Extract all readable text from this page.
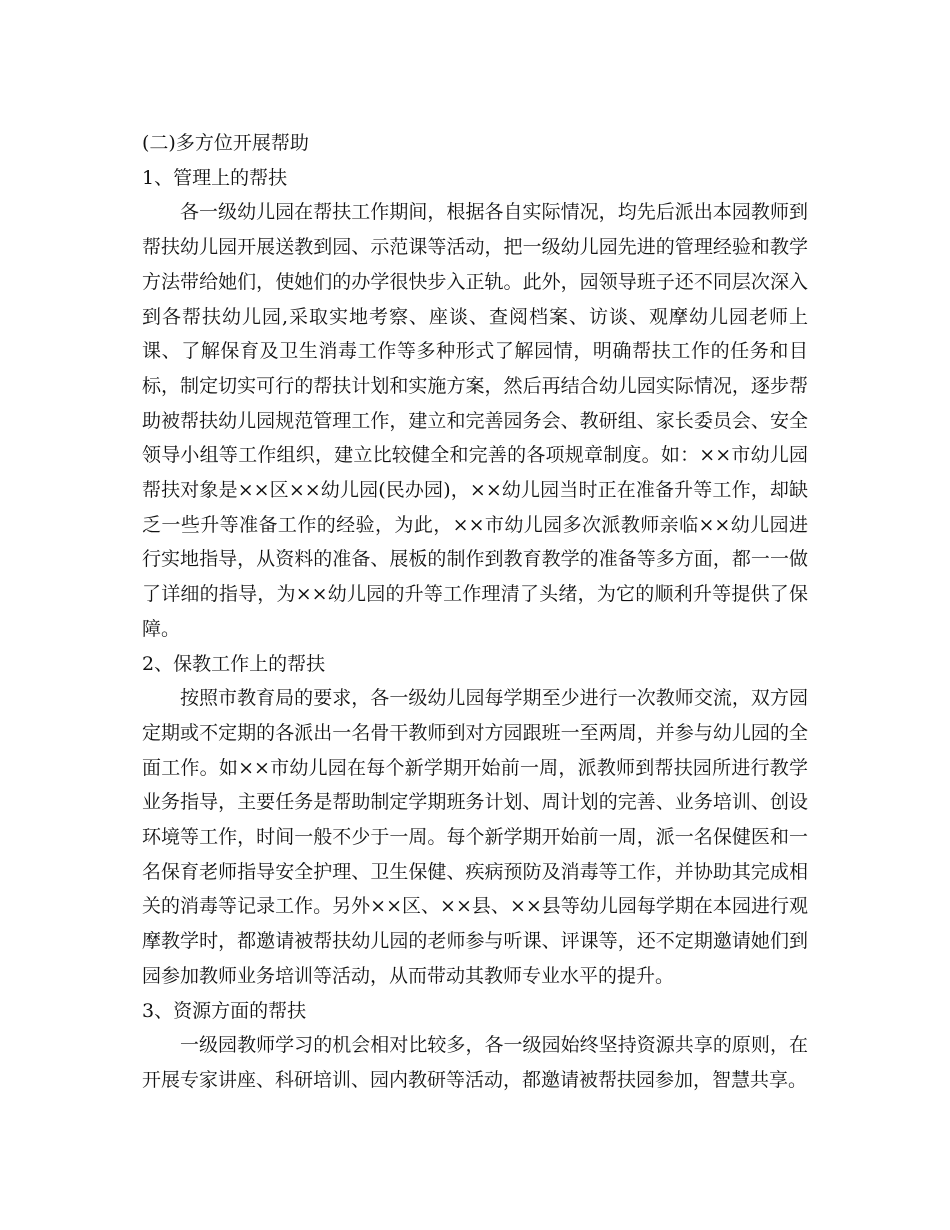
(二)多方位开展帮助

1、管理上的帮扶

各一级幼儿园在帮扶工作期间，根据各自实际情况，均先后派出本园教师到帮扶幼儿园开展送教到园、示范课等活动，把一级幼儿园先进的管理经验和教学方法带给她们，使她们的办学很快步入正轨。此外，园领导班子还不同层次深入到各帮扶幼儿园,采取实地考察、座谈、查阅档案、访谈、观摩幼儿园老师上课、了解保育及卫生消毒工作等多种形式了解园情，明确帮扶工作的任务和目标，制定切实可行的帮扶计划和实施方案，然后再结合幼儿园实际情况，逐步帮助被帮扶幼儿园规范管理工作，建立和完善园务会、教研组、家长委员会、安全领导小组等工作组织，建立比较健全和完善的各项规章制度。如：××市幼儿园帮扶对象是××区××幼儿园(民办园)，××幼儿园当时正在准备升等工作，却缺乏一些升等准备工作的经验，为此，××市幼儿园多次派教师亲临××幼儿园进行实地指导，从资料的准备、展板的制作到教育教学的准备等多方面，都一一做了详细的指导，为××幼儿园的升等工作理清了头绪，为它的顺利升等提供了保障。

2、保教工作上的帮扶

按照市教育局的要求，各一级幼儿园每学期至少进行一次教师交流，双方园定期或不定期的各派出一名骨干教师到对方园跟班一至两周，并参与幼儿园的全面工作。如××市幼儿园在每个新学期开始前一周，派教师到帮扶园所进行教学业务指导，主要任务是帮助制定学期班务计划、周计划的完善、业务培训、创设环境等工作，时间一般不少于一周。每个新学期开始前一周，派一名保健医和一名保育老师指导安全护理、卫生保健、疾病预防及消毒等工作，并协助其完成相关的消毒等记录工作。另外××区、××县、××县等幼儿园每学期在本园进行观摩教学时，都邀请被帮扶幼儿园的老师参与听课、评课等，还不定期邀请她们到园参加教师业务培训等活动，从而带动其教师专业水平的提升。

3、资源方面的帮扶

一级园教师学习的机会相对比较多，各一级园始终坚持资源共享的原则，在开展专家讲座、科研培训、园内教研等活动，都邀请被帮扶园参加，智慧共享。
